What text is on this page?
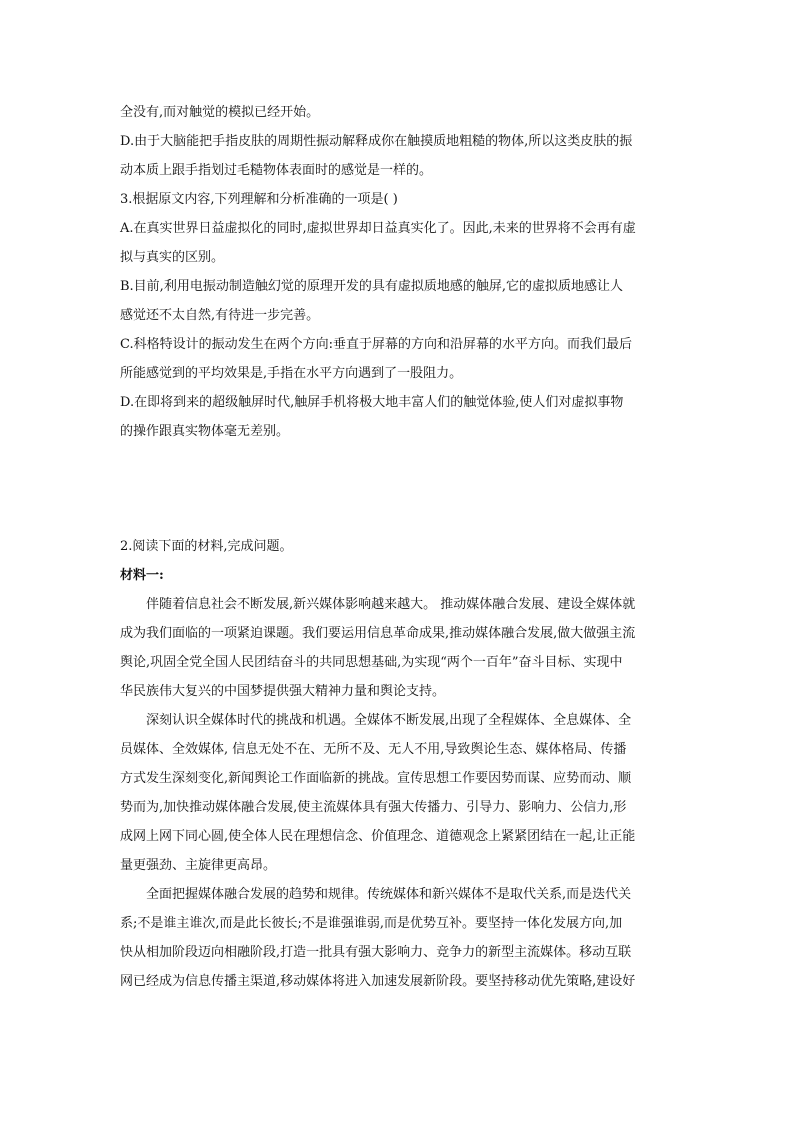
全没有,而对触觉的模拟已经开始。
D.由于大脑能把手指皮肤的周期性振动解释成你在触摸质地粗糙的物体,所以这类皮肤的振
动本质上跟手指划过毛糙物体表面时的感觉是一样的。
3.根据原文内容,下列理解和分析准确的一项是( )
A.在真实世界日益虚拟化的同时,虚拟世界却日益真实化了。因此,未来的世界将不会再有虚
拟与真实的区别。
B.目前,利用电振动制造触幻觉的原理开发的具有虚拟质地感的触屏,它的虚拟质地感让人
感觉还不太自然,有待进一步完善。
C.科格特设计的振动发生在两个方向:垂直于屏幕的方向和沿屏幕的水平方向。而我们最后
所能感觉到的平均效果是,手指在水平方向遇到了一股阻力。
D.在即将到来的超级触屏时代,触屏手机将极大地丰富人们的触觉体验,使人们对虚拟事物
的操作跟真实物体毫无差别。
2.阅读下面的材料,完成问题。
材料一:
伴随着信息社会不断发展,新兴媒体影响越来越大。 推动媒体融合发展、建设全媒体就
成为我们面临的一项紧迫课题。我们要运用信息革命成果,推动媒体融合发展,做大做强主流
舆论,巩固全党全国人民团结奋斗的共同思想基础,为实现“两个一百年”奋斗目标、实现中
华民族伟大复兴的中国梦提供强大精神力量和舆论支持。
深刻认识全媒体时代的挑战和机遇。全媒体不断发展,出现了全程媒体、全息媒体、全
员媒体、全效媒体, 信息无处不在、无所不及、无人不用,导致舆论生态、媒体格局、传播
方式发生深刻变化,新闻舆论工作面临新的挑战。宣传思想工作要因势而谋、应势而动、顺
势而为,加快推动媒体融合发展,使主流媒体具有强大传播力、引导力、影响力、公信力,形
成网上网下同心圆,使全体人民在理想信念、价值理念、道德观念上紧紧团结在一起,让正能
量更强劲、主旋律更高昂。
全面把握媒体融合发展的趋势和规律。传统媒体和新兴媒体不是取代关系,而是迭代关
系;不是谁主谁次,而是此长彼长;不是谁强谁弱,而是优势互补。要坚持一体化发展方向,加
快从相加阶段迈向相融阶段,打造一批具有强大影响力、竞争力的新型主流媒体。移动互联
网已经成为信息传播主渠道,移动媒体将进入加速发展新阶段。要坚持移动优先策略,建设好
